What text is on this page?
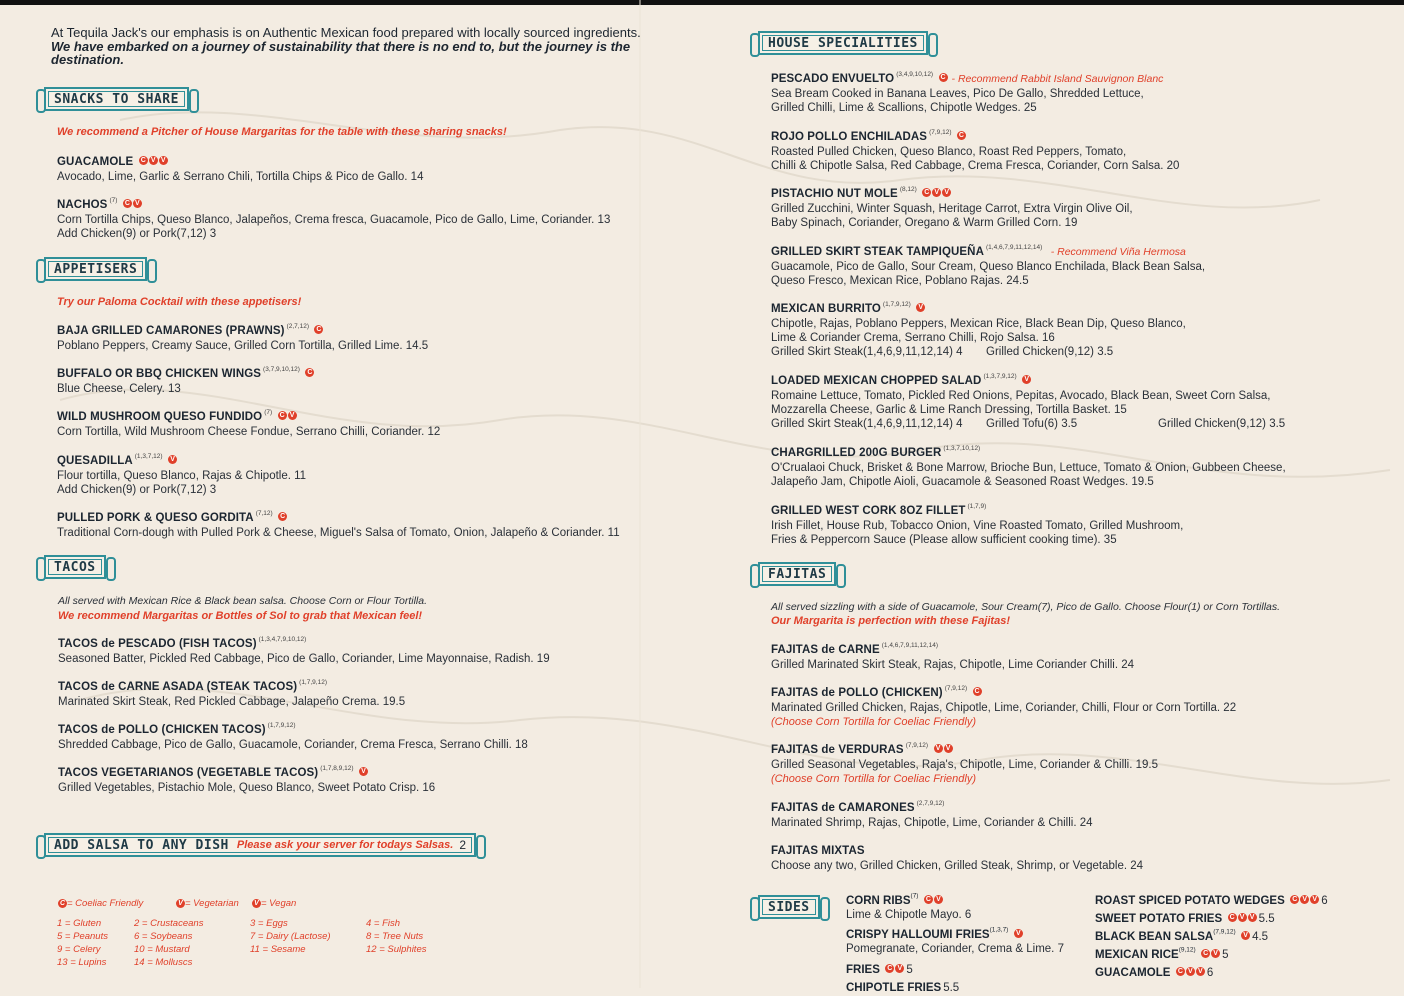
At Tequila Jack's our emphasis is on Authentic Mexican food prepared with locally sourced ingredients. We have embarked on a journey of sustainability that there is no end to, but the journey is the destination.
SNACKS TO SHARE
We recommend a Pitcher of House Margaritas for the table with these sharing snacks!
GUACAMOLE C V V
Avocado, Lime, Garlic & Serrano Chili, Tortilla Chips & Pico de Gallo. 14
NACHOS $^{(7)}$ C V
Corn Tortilla Chips, Queso Blanco, Jalapeños, Crema fresca, Guacamole, Pico de Gallo, Lime, Coriander. 13
Add Chicken(9) or Pork(7,12) 3
APPETISERS
Try our Paloma Cocktail with these appetisers!
BAJA GRILLED CAMARONES (PRAWNS) $^{(2,7,12)}$ C
Poblano Peppers, Creamy Sauce, Grilled Corn Tortilla, Grilled Lime. 14.5
BUFFALO OR BBQ CHICKEN WINGS $^{(3,7,9,10,12)}$ C
Blue Cheese, Celery. 13
WILD MUSHROOM QUESO FUNDIDO $^{(7)}$ C V
Corn Tortilla, Wild Mushroom Cheese Fondue, Serrano Chilli, Coriander. 12
QUESADILLA $^{(1,3,7,12)}$ V
Flour tortilla, Queso Blanco, Rajas & Chipotle. 11
Add Chicken(9) or Pork(7,12) 3
PULLED PORK & QUESO GORDITA $^{(7,12)}$ C
Traditional Corn-dough with Pulled Pork & Cheese, Miguel's Salsa of Tomato, Onion, Jalapeño & Coriander. 11
TACOS
All served with Mexican Rice & Black bean salsa. Choose Corn or Flour Tortilla.
We recommend Margaritas or Bottles of Sol to grab that Mexican feel!
TACOS de PESCADO (FISH TACOS) $^{(1,3,4,7,9,10,12)}$
Seasoned Batter, Pickled Red Cabbage, Pico de Gallo, Coriander, Lime Mayonnaise, Radish. 19
TACOS de CARNE ASADA (STEAK TACOS) $^{(1,7,9,12)}$
Marinated Skirt Steak, Red Pickled Cabbage, Jalapeño Crema. 19.5
TACOS de POLLO (CHICKEN TACOS) $^{(1,7,9,12)}$
Shredded Cabbage, Pico de Gallo, Guacamole, Coriander, Crema Fresca, Serrano Chilli. 18
TACOS VEGETARIANOS (VEGETABLE TACOS) $^{(1,7,8,9,12)}$ V
Grilled Vegetables, Pistachio Mole, Queso Blanco, Sweet Potato Crisp. 16
ADD SALSA TO ANY DISH Please ask your server for todays Salsas. 2
C = Coeliac Friendly	V = Vegetarian	V = Vegan
1 = Gluten	2 = Crustaceans	3 = Eggs	4 = Fish
5 = Peanuts	6 = Soybeans	7 = Dairy (Lactose)	8 = Tree Nuts
9 = Celery	10 = Mustard	11 = Sesame	12 = Sulphites
13 = Lupins	14 = Molluscs
HOUSE SPECIALITIES
PESCADO ENVUELTO $^{(3,4,9,10,12)}$ C - Recommend Rabbit Island Sauvignon Blanc
Sea Bream Cooked in Banana Leaves, Pico De Gallo, Shredded Lettuce,
Grilled Chilli, Lime & Scallions, Chipotle Wedges. 25
ROJO POLLO ENCHILADAS $^{(7,9,12)}$ C
Roasted Pulled Chicken, Queso Blanco, Roast Red Peppers, Tomato,
Chilli & Chipotle Salsa, Red Cabbage, Crema Fresca, Coriander, Corn Salsa. 20
PISTACHIO NUT MOLE $^{(8,12)}$ C V V
Grilled Zucchini, Winter Squash, Heritage Carrot, Extra Virgin Olive Oil,
Baby Spinach, Coriander, Oregano & Warm Grilled Corn. 19
GRILLED SKIRT STEAK TAMPIQUEÑA $^{(1,4,6,7,9,11,12,14)}$ - Recommend Viña Hermosa
Guacamole, Pico de Gallo, Sour Cream, Queso Blanco Enchilada, Black Bean Salsa,
Queso Fresco, Mexican Rice, Poblano Rajas. 24.5
MEXICAN BURRITO $^{(1,7,9,12)}$ V
Chipotle, Rajas, Poblano Peppers, Mexican Rice, Black Bean Dip, Queso Blanco,
Lime & Coriander Crema, Serrano Chilli, Rojo Salsa. 16
Grilled Skirt Steak(1,4,6,9,11,12,14) 4 Grilled Chicken(9,12) 3.5
LOADED MEXICAN CHOPPED SALAD $^{(1,3,7,9,12)}$ V
Romaine Lettuce, Tomato, Pickled Red Onions, Pepitas, Avocado, Black Bean, Sweet Corn Salsa,
Mozzarella Cheese, Garlic & Lime Ranch Dressing, Tortilla Basket. 15
Grilled Skirt Steak(1,4,6,9,11,12,14) 4 Grilled Tofu(6) 3.5	Grilled Chicken(9,12) 3.5
CHARGRILLED 200G BURGER $^{(1,3,7,10,12)}$
O'Crualaoi Chuck, Brisket & Bone Marrow, Brioche Bun, Lettuce, Tomato & Onion, Gubbeen Cheese,
Jalapeño Jam, Chipotle Aioli, Guacamole & Seasoned Roast Wedges. 19.5
GRILLED WEST CORK 8OZ FILLET $^{(1,7,9)}$
Irish Fillet, House Rub, Tobacco Onion, Vine Roasted Tomato, Grilled Mushroom,
Fries & Peppercorn Sauce (Please allow sufficient cooking time). 35
FAJITAS
All served sizzling with a side of Guacamole, Sour Cream(7), Pico de Gallo. Choose Flour(1) or Corn Tortillas.
Our Margarita is perfection with these Fajitas!
FAJITAS de CARNE $^{(1,4,6,7,9,11,12,14)}$
Grilled Marinated Skirt Steak, Rajas, Chipotle, Lime Coriander Chilli. 24
FAJITAS de POLLO (CHICKEN) $^{(7,9,12)}$ C
Marinated Grilled Chicken, Rajas, Chipotle, Lime, Coriander, Chilli, Flour or Corn Tortilla. 22
(Choose Corn Tortilla for Coeliac Friendly)
FAJITAS de VERDURAS $^{(7,9,12)}$ V V
Grilled Seasonal Vegetables, Raja's, Chipotle, Lime, Coriander & Chilli. 19.5
(Choose Corn Tortilla for Coeliac Friendly)
FAJITAS de CAMARONES $^{(2,7,9,12)}$
Marinated Shrimp, Rajas, Chipotle, Lime, Coriander & Chilli. 24
FAJITAS MIXTAS
Choose any two, Grilled Chicken, Grilled Steak, Shrimp, or Vegetable. 24
SIDES	CORN RIBS$^{(7)}$ C V
Lime & Chipotle Mayo. 6
CRISPY HALLOUMI FRIES$^{(1,3,7)}$ V
Pomegranate, Coriander, Crema & Lime. 7
FRIES C V 5
CHIPOTLE FRIES 5.5
ROAST SPICED POTATO WEDGES C V V 6
SWEET POTATO FRIES C V V 5.5
BLACK BEAN SALSA$^{(7,9,12)}$ V 4.5
MEXICAN RICE$^{(9,12)}$ C V 5
GUACAMOLE C V V 6
